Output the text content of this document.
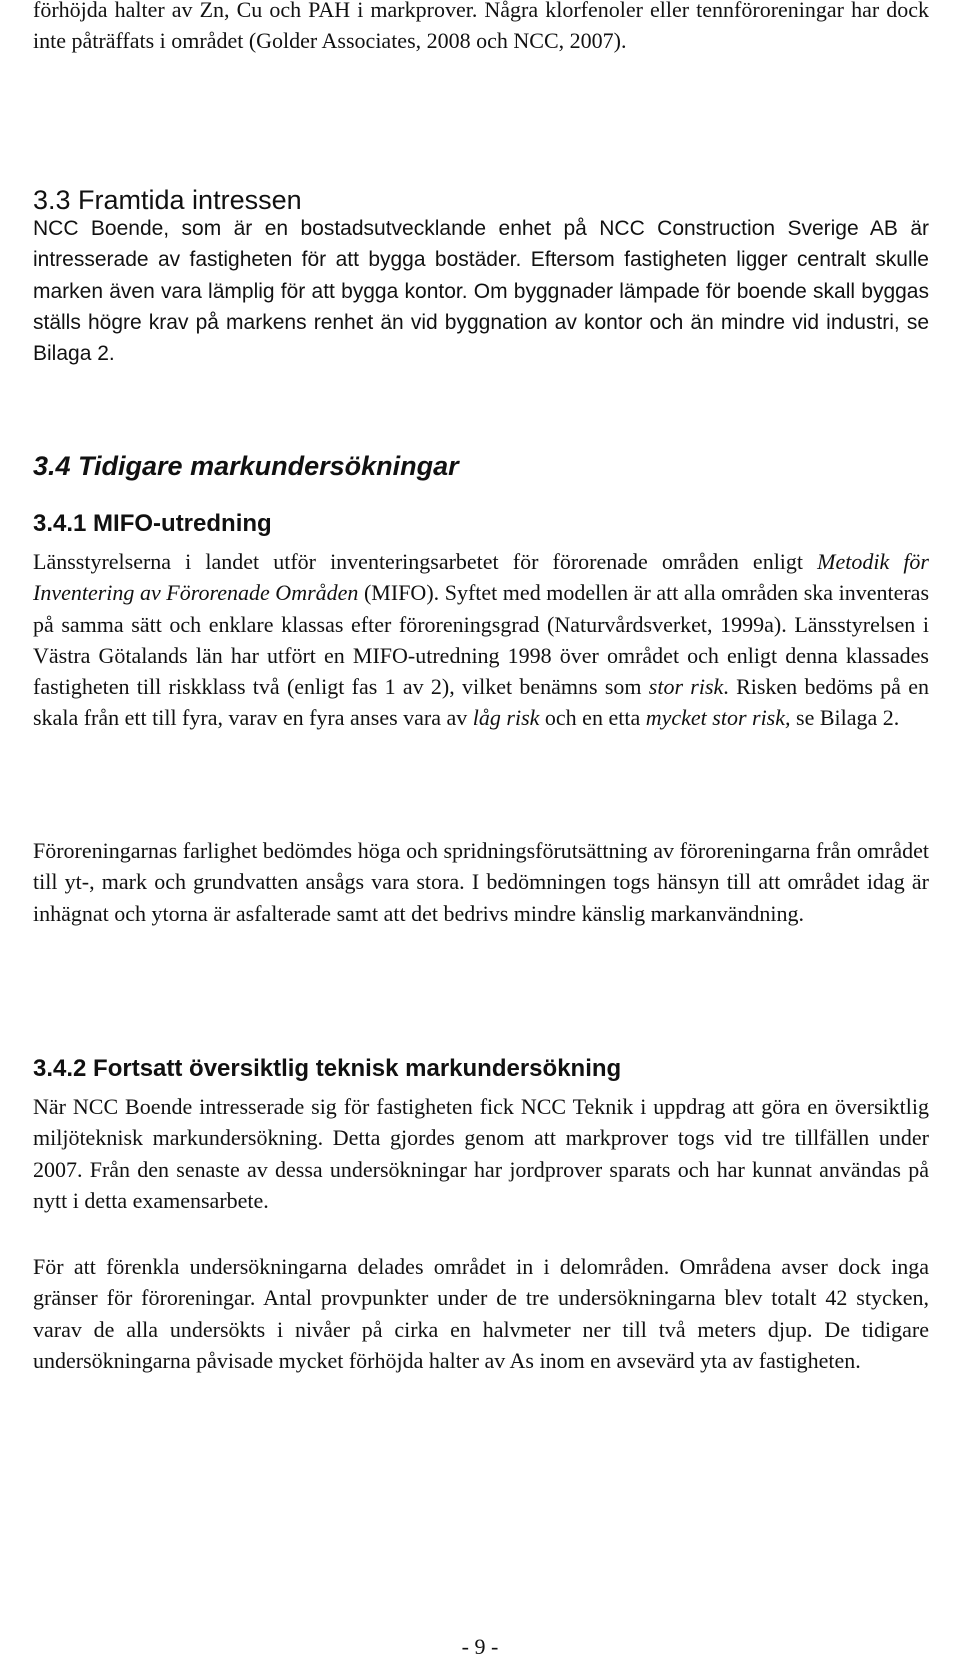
förhöjda halter av Zn, Cu och PAH i markprover. Några klorfenoler eller tennföroreningar har dock inte påträffats i området (Golder Associates, 2008 och NCC, 2007).

3.3 Framtida intressen

NCC Boende, som är en bostadsutvecklande enhet på NCC Construction Sverige AB är intresserade av fastigheten för att bygga bostäder. Eftersom fastigheten ligger centralt skulle marken även vara lämplig för att bygga kontor. Om byggnader lämpade för boende skall byggas ställs högre krav på markens renhet än vid byggnation av kontor och än mindre vid industri, se Bilaga 2.

3.4 Tidigare markundersökningar
3.4.1 MIFO-utredning

Länsstyrelserna i landet utför inventeringsarbetet för förorenade områden enligt Metodik för Inventering av Förorenade Områden (MIFO). Syftet med modellen är att alla områden ska inventeras på samma sätt och enklare klassas efter föroreningsgrad (Naturvårdsverket, 1999a). Länsstyrelsen i Västra Götalands län har utfört en MIFO-utredning 1998 över området och enligt denna klassades fastigheten till riskklass två (enligt fas 1 av 2), vilket benämns som stor risk. Risken bedöms på en skala från ett till fyra, varav en fyra anses vara av låg risk och en etta mycket stor risk, se Bilaga 2.

Föroreningarnas farlighet bedömdes höga och spridningsförutsättning av föroreningarna från området till yt-, mark och grundvatten ansågs vara stora. I bedömningen togs hänsyn till att området idag är inhägnat och ytorna är asfalterade samt att det bedrivs mindre känslig markanvändning.

3.4.2 Fortsatt översiktlig teknisk markundersökning

När NCC Boende intresserade sig för fastigheten fick NCC Teknik i uppdrag att göra en översiktlig miljöteknisk markundersökning. Detta gjordes genom att markprover togs vid tre tillfällen under 2007. Från den senaste av dessa undersökningar har jordprover sparats och har kunnat användas på nytt i detta examensarbete.

För att förenkla undersökningarna delades området in i delområden. Områdena avser dock inga gränser för föroreningar. Antal provpunkter under de tre undersökningarna blev totalt 42 stycken, varav de alla undersökts i nivåer på cirka en halvmeter ner till två meters djup. De tidigare undersökningarna påvisade mycket förhöjda halter av As inom en avsevärd yta av fastigheten.

- 9 -
